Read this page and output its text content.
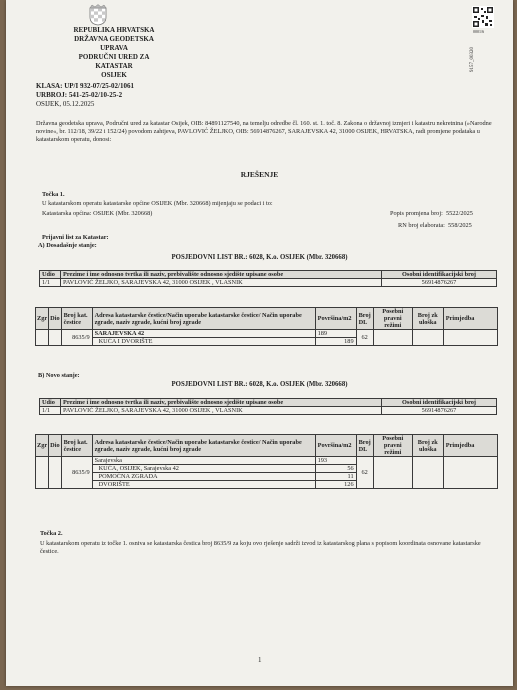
REPUBLIKA HRVATSKA
DRŽAVNA GEODETSKA UPRAVA
PODRUČNI URED ZA KATASTAR
OSIJEK
0001/6
9157_00320
KLASA: UP/I 932-07/25-02/1061
URBROJ: 541-25-02/10-25-2
OSIJEK, 05.12.2025
Državna geodetska uprava, Područni ured za katastar Osijek, OIB: 84891127540, na temelju odredbe čl. 160. st. 1. toč. 8. Zakona o državnoj izmjeri i katastru nekretnina (»Narodne novine«, br. 112/18, 39/22 i 152/24) povodom zahtjeva, PAVLOVIĆ ŽELJKO, OIB: 56914876267, SARAJEVSKA 42, 31000 OSIJEK, HRVATSKA, radi promjene podataka u katastarskom operatu, donosi:
RJEŠENJE
Točka 1.
U katastarskom operatu katastarske općine OSIJEK (Mbr. 320668) mijenjaju se podaci i to:
Katastarska općina: OSIJEK (Mbr. 320668)	Popis promjena broj: 5522/2025
RN broj elaborata: 558/2025
Prijavni list za Katastar:
A) Dosadašnje stanje:
POSJEDOVNI LIST BR.: 6028, K.o. OSIJEK (Mbr. 320668)
Udio	Prezime i ime odnosno tvrtka ili naziv, prebivalište odnosno sjedište upisane osobe	Osobni identifikacijski broj
1/1	PAVLOVIĆ ŽELJKO, SARAJEVSKA 42, 31000 OSIJEK , VLASNIK	56914876267
Zgr	Dio	Broj kat. čestice	Adresa katastarske čestice/Način uporabe katastarske čestice/ Način uporabe zgrade, naziv zgrade, kućni broj zgrade	Površina/m2	Broj DL	Posebni pravni režimi	Broj zk uloška	Primjedba
		8635/9	SARAJEVSKA 42	189	62			
			KUĆA I DVORIŠTE	189				
B) Novo stanje:
POSJEDOVNI LIST BR.: 6028, K.o. OSIJEK (Mbr. 320668)
Udio	Prezime i ime odnosno tvrtka ili naziv, prebivalište odnosno sjedište upisane osobe	Osobni identifikacijski broj
1/1	PAVLOVIĆ ŽELJKO, SARAJEVSKA 42, 31000 OSIJEK , VLASNIK	56914876267
Zgr	Dio	Broj kat. čestice	Adresa katastarske čestice/Način uporabe katastarske čestice/ Način uporabe zgrade, naziv zgrade, kućni broj zgrade	Površina/m2	Broj DL	Posebni pravni režimi	Broj zk uloška	Primjedba
		8635/9	Sarajevska	193	62			
			KUĆA, OSIJEK, Sarajevska 42	56				
			POMOĆNA ZGRADA	11				
			DVORIŠTE	126				
Točka 2.
U katastarskom operatu iz točke 1. osniva se katastarska čestica broj 8635/9 za koju ovo rješenje sadrži izvod iz katastarskog plana s popisom koordinata osnovane katastarske čestice.
1
